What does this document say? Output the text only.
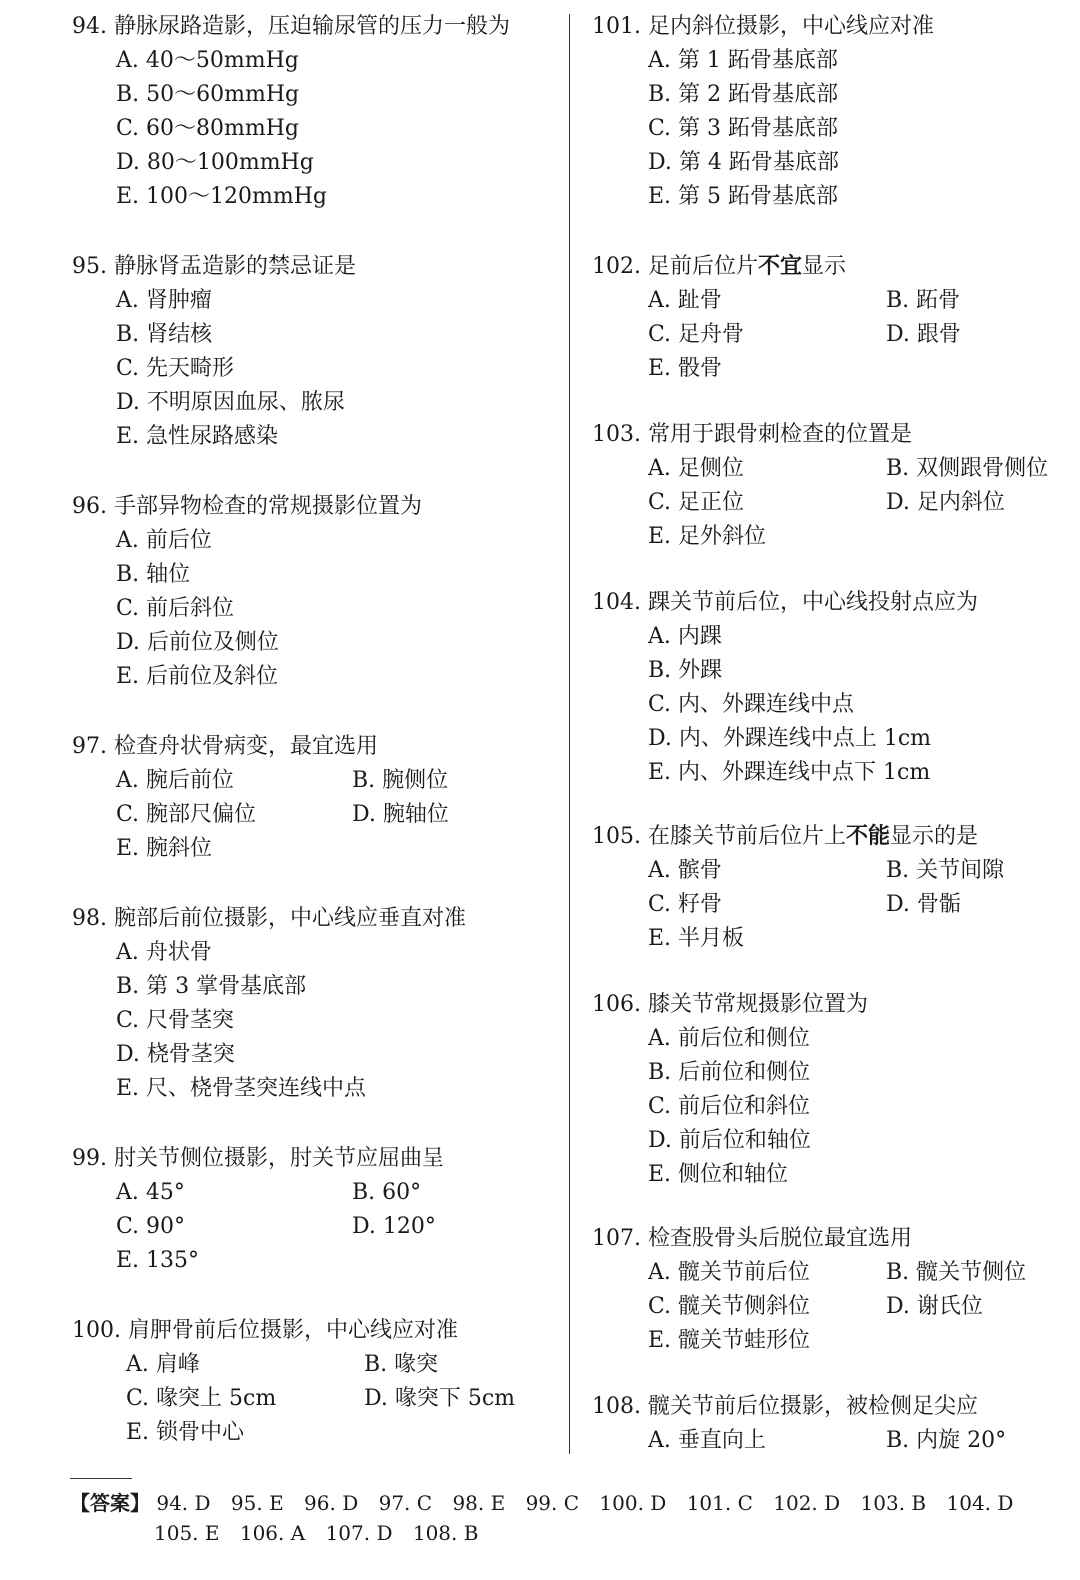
94. 静脉尿路造影，压迫输尿管的压力一般为
A. 40～50mmHg
B. 50～60mmHg
C. 60～80mmHg
D. 80～100mmHg
E. 100～120mmHg
95. 静脉肾盂造影的禁忌证是
A. 肾肿瘤
B. 肾结核
C. 先天畸形
D. 不明原因血尿、脓尿
E. 急性尿路感染
96. 手部异物检查的常规摄影位置为
A. 前后位
B. 轴位
C. 前后斜位
D. 后前位及侧位
E. 后前位及斜位
97. 检查舟状骨病变，最宜选用
A. 腕后前位	B. 腕侧位
C. 腕部尺偏位	D. 腕轴位
E. 腕斜位
98. 腕部后前位摄影，中心线应垂直对准
A. 舟状骨
B. 第 3 掌骨基底部
C. 尺骨茎突
D. 桡骨茎突
E. 尺、桡骨茎突连线中点
99. 肘关节侧位摄影，肘关节应屈曲呈
A. 45°	B. 60°
C. 90°	D. 120°
E. 135°
100. 肩胛骨前后位摄影，中心线应对准
A. 肩峰	B. 喙突
C. 喙突上 5cm	D. 喙突下 5cm
E. 锁骨中心
101. 足内斜位摄影，中心线应对准
A. 第 1 跖骨基底部
B. 第 2 跖骨基底部
C. 第 3 跖骨基底部
D. 第 4 跖骨基底部
E. 第 5 跖骨基底部
102. 足前后位片不宜显示
A. 趾骨	B. 跖骨
C. 足舟骨	D. 跟骨
E. 骰骨
103. 常用于跟骨刺检查的位置是
A. 足侧位	B. 双侧跟骨侧位
C. 足正位	D. 足内斜位
E. 足外斜位
104. 踝关节前后位，中心线投射点应为
A. 内踝
B. 外踝
C. 内、外踝连线中点
D. 内、外踝连线中点上 1cm
E. 内、外踝连线中点下 1cm
105. 在膝关节前后位片上不能显示的是
A. 髌骨	B. 关节间隙
C. 籽骨	D. 骨骺
E. 半月板
106. 膝关节常规摄影位置为
A. 前后位和侧位
B. 后前位和侧位
C. 前后位和斜位
D. 前后位和轴位
E. 侧位和轴位
107. 检查股骨头后脱位最宜选用
A. 髋关节前后位	B. 髋关节侧位
C. 髋关节侧斜位	D. 谢氏位
E. 髋关节蛙形位
108. 髋关节前后位摄影，被检侧足尖应
A. 垂直向上	B. 内旋 20°
【答案】 94. D 95. E 96. D 97. C 98. E 99. C 100. D 101. C 102. D 103. B 104. D
105. E 106. A 107. D 108. B
